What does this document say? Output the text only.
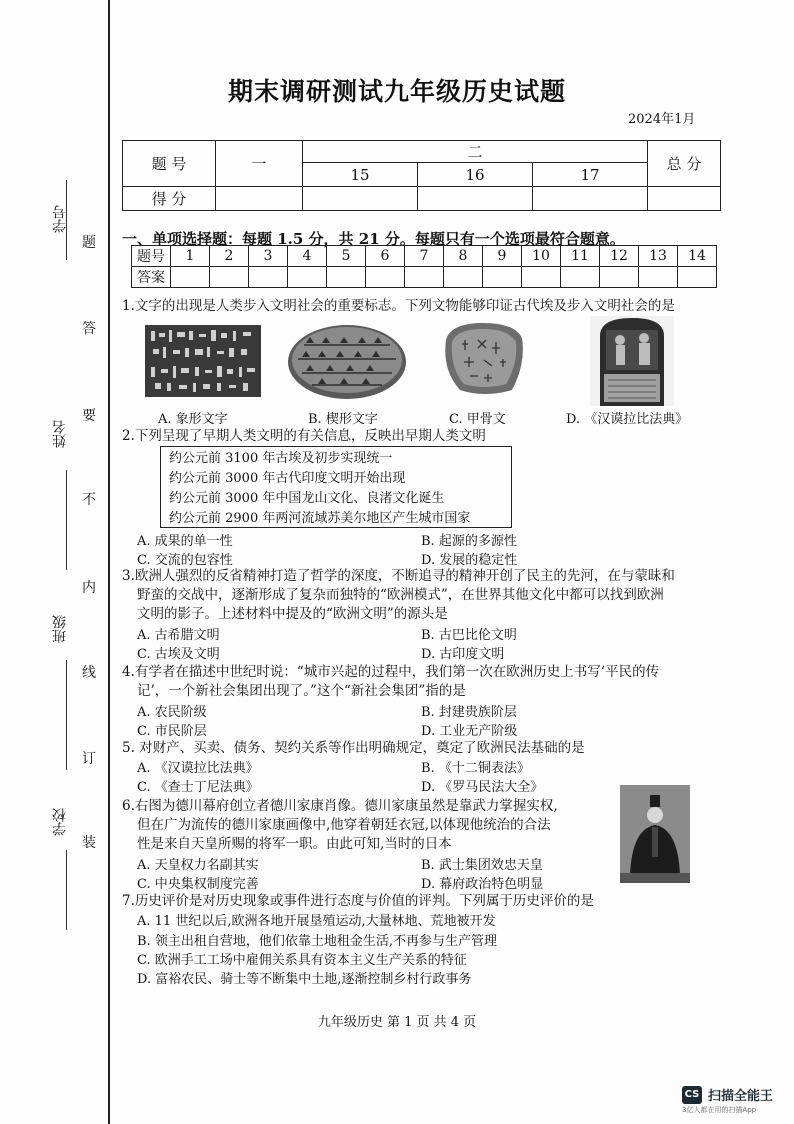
学号
姓名
班级
学校
题
答
要
不
内
线
订
装
期末调研测试九年级历史试题
2024年1月
题 号	一	二			总 分
		15	16	17	
得 分					
一、单项选择题：每题 1.5 分，共 21 分。每题只有一个选项最符合题意。
题号	1	2	3	4	5	6	7	8	9	10	11	12	13	14
答案														
1.文字的出现是人类步入文明社会的重要标志。下列文物能够印证古代埃及步入文明社会的是
A. 象形文字	B. 楔形文字	C. 甲骨文	D. 《汉谟拉比法典》
2.下列呈现了早期人类文明的有关信息，反映出早期人类文明
约公元前 3100 年古埃及初步实现统一
约公元前 3000 年古代印度文明开始出现
约公元前 3000 年中国龙山文化、良渚文化诞生
约公元前 2900 年两河流域苏美尔地区产生城市国家
A. 成果的单一性	B. 起源的多源性
C. 交流的包容性	D. 发展的稳定性
3.欧洲人强烈的反省精神打造了哲学的深度，不断追寻的精神开创了民主的先河，在与蒙昧和
野蛮的交战中，逐渐形成了复杂而独特的“欧洲模式”，在世界其他文化中都可以找到欧洲
文明的影子。上述材料中提及的“欧洲文明”的源头是
A. 古希腊文明	B. 古巴比伦文明
C. 古埃及文明	D. 古印度文明
4.有学者在描述中世纪时说：“城市兴起的过程中，我们第一次在欧洲历史上书写‘平民的传
记’，一个新社会集团出现了。”这个“新社会集团”指的是
A. 农民阶级	B. 封建贵族阶层
C. 市民阶层	D. 工业无产阶级
5. 对财产、买卖、债务、契约关系等作出明确规定，奠定了欧洲民法基础的是
A. 《汉谟拉比法典》	B. 《十二铜表法》
C. 《查士丁尼法典》	D. 《罗马民法大全》
6.右图为德川幕府创立者德川家康肖像。德川家康虽然是靠武力掌握实权,
但在广为流传的德川家康画像中,他穿着朝廷衣冠,以体现他统治的合法
性是来自天皇所赐的将军一职。由此可知,当时的日本
A. 天皇权力名副其实	B. 武士集团效忠天皇
C. 中央集权制度完善	D. 幕府政治特色明显
7.历史评价是对历史现象或事件进行态度与价值的评判。下列属于历史评价的是
A. 11 世纪以后,欧洲各地开展垦殖运动,大量林地、荒地被开发
B. 领主出租自营地，他们依靠土地租金生活,不再参与生产管理
C. 欧洲手工工场中雇佣关系具有资本主义生产关系的特征
D. 富裕农民、骑士等不断集中土地,逐渐控制乡村行政事务
九年级历史 第 1 页 共 4 页
CS 扫描全能王
3亿人都在用的扫描App
